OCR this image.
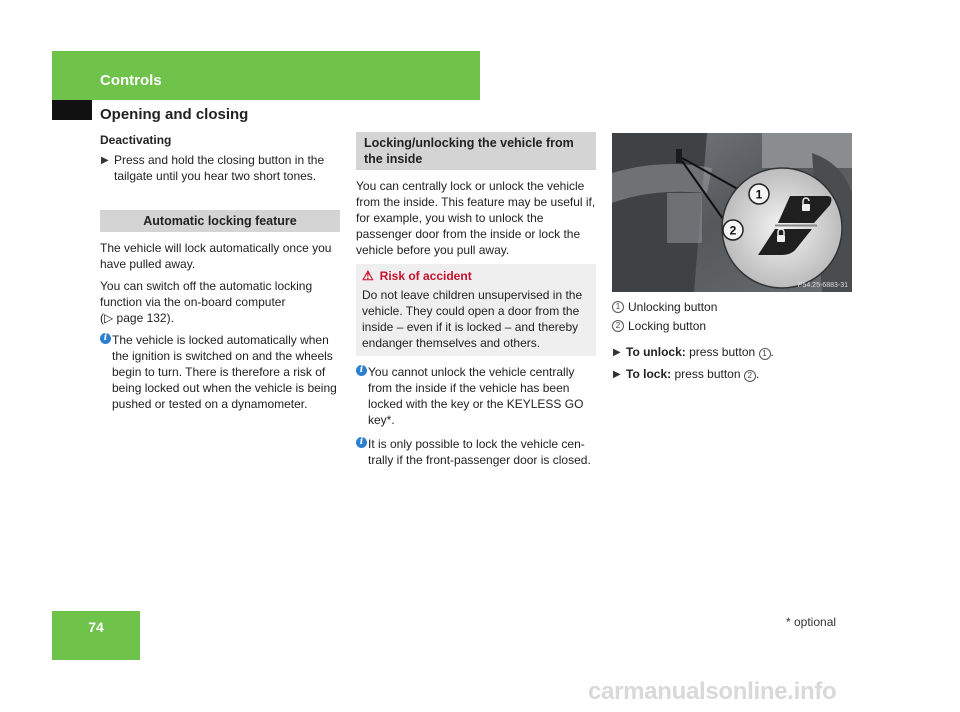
Controls
Opening and closing

Deactivating

▶ Press and hold the closing button in the tailgate until you hear two short tones.
Automatic locking feature

The vehicle will lock automatically once you have pulled away.

You can switch off the automatic locking function via the on-board computer

(▷ page 132).

i The vehicle is locked automatically when the ignition is switched on and the wheels begin to turn. There is therefore a risk of being locked out when the vehicle is being pushed or tested on a dynamometer.
Locking/unlocking the vehicle from the inside

You can centrally lock or unlock the vehicle from the inside. This feature may be useful if, for example, you wish to unlock the passenger door from the inside or lock the vehicle before you pull away.

⚠ Risk of accident
Do not leave children unsupervised in the vehicle. They could open a door from the inside – even if it is locked – and thereby endanger themselves and others.
i You cannot unlock the vehicle centrally from the inside if the vehicle has been locked with the key or the KEYLESS GO key*.
i It is only possible to lock the vehicle cen-trally if the front-passenger door is closed.
1
2
P54.25-6883-31
1 Unlocking button
2 Locking button
▶ To unlock: press button 1 .
▶ To lock: press button 2 .
74	* optional
carmanualsonline.info
